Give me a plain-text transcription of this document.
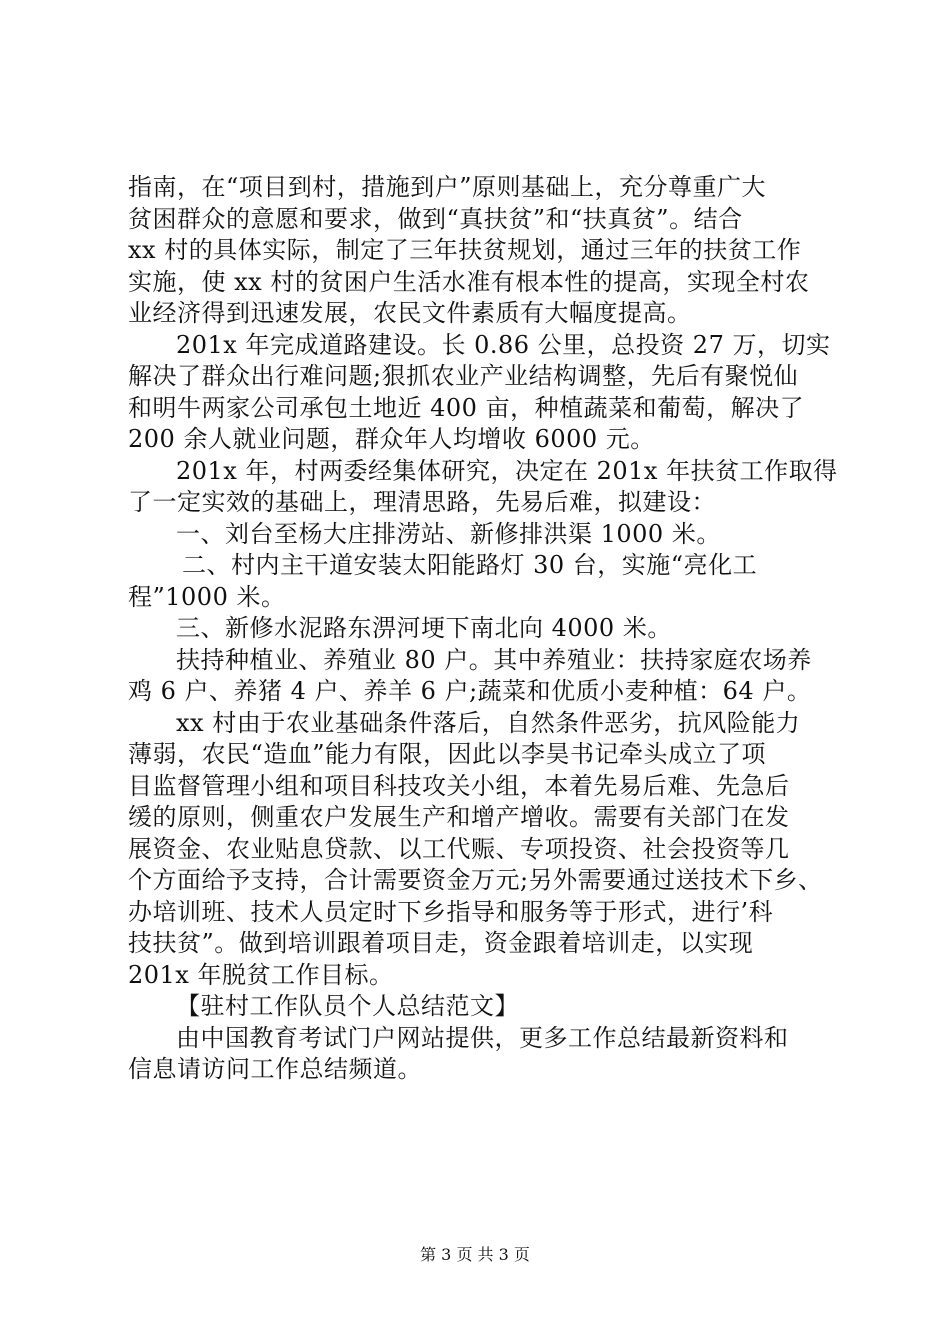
指南，在“项目到村，措施到户”原则基础上，充分尊重广大
贫困群众的意愿和要求，做到“真扶贫”和“扶真贫”。结合
xx 村的具体实际，制定了三年扶贫规划，通过三年的扶贫工作
实施，使 xx 村的贫困户生活水准有根本性的提高，实现全村农
业经济得到迅速发展，农民文件素质有大幅度提高。
201x 年完成道路建设。长 0.86 公里，总投资 27 万，切实
解决了群众出行难问题;狠抓农业产业结构调整，先后有聚悦仙
和明牛两家公司承包土地近 400 亩，种植蔬菜和葡萄，解决了
200 余人就业问题，群众年人均增收 6000 元。
201x 年，村两委经集体研究，决定在 201x 年扶贫工作取得
了一定实效的基础上，理清思路，先易后难，拟建设：
一、刘台至杨大庄排涝站、新修排洪渠 1000 米。
二、村内主干道安装太阳能路灯 30 台，实施“亮化工
程”1000 米。
三、新修水泥路东淠河埂下南北向 4000 米。
扶持种植业、养殖业 80 户。其中养殖业：扶持家庭农场养
鸡 6 户、养猪 4 户、养羊 6 户;蔬菜和优质小麦种植：64 户。
xx 村由于农业基础条件落后，自然条件恶劣，抗风险能力
薄弱，农民“造血”能力有限，因此以李昊书记牵头成立了项
目监督管理小组和项目科技攻关小组，本着先易后难、先急后
缓的原则，侧重农户发展生产和增产增收。需要有关部门在发
展资金、农业贴息贷款、以工代赈、专项投资、社会投资等几
个方面给予支持，合计需要资金万元;另外需要通过送技术下乡、
办培训班、技术人员定时下乡指导和服务等于形式，进行’科
技扶贫”。做到培训跟着项目走，资金跟着培训走，以实现
201x 年脱贫工作目标。
【驻村工作队员个人总结范文】
由中国教育考试门户网站提供，更多工作总结最新资料和
信息请访问工作总结频道。
第 3 页 共 3 页
